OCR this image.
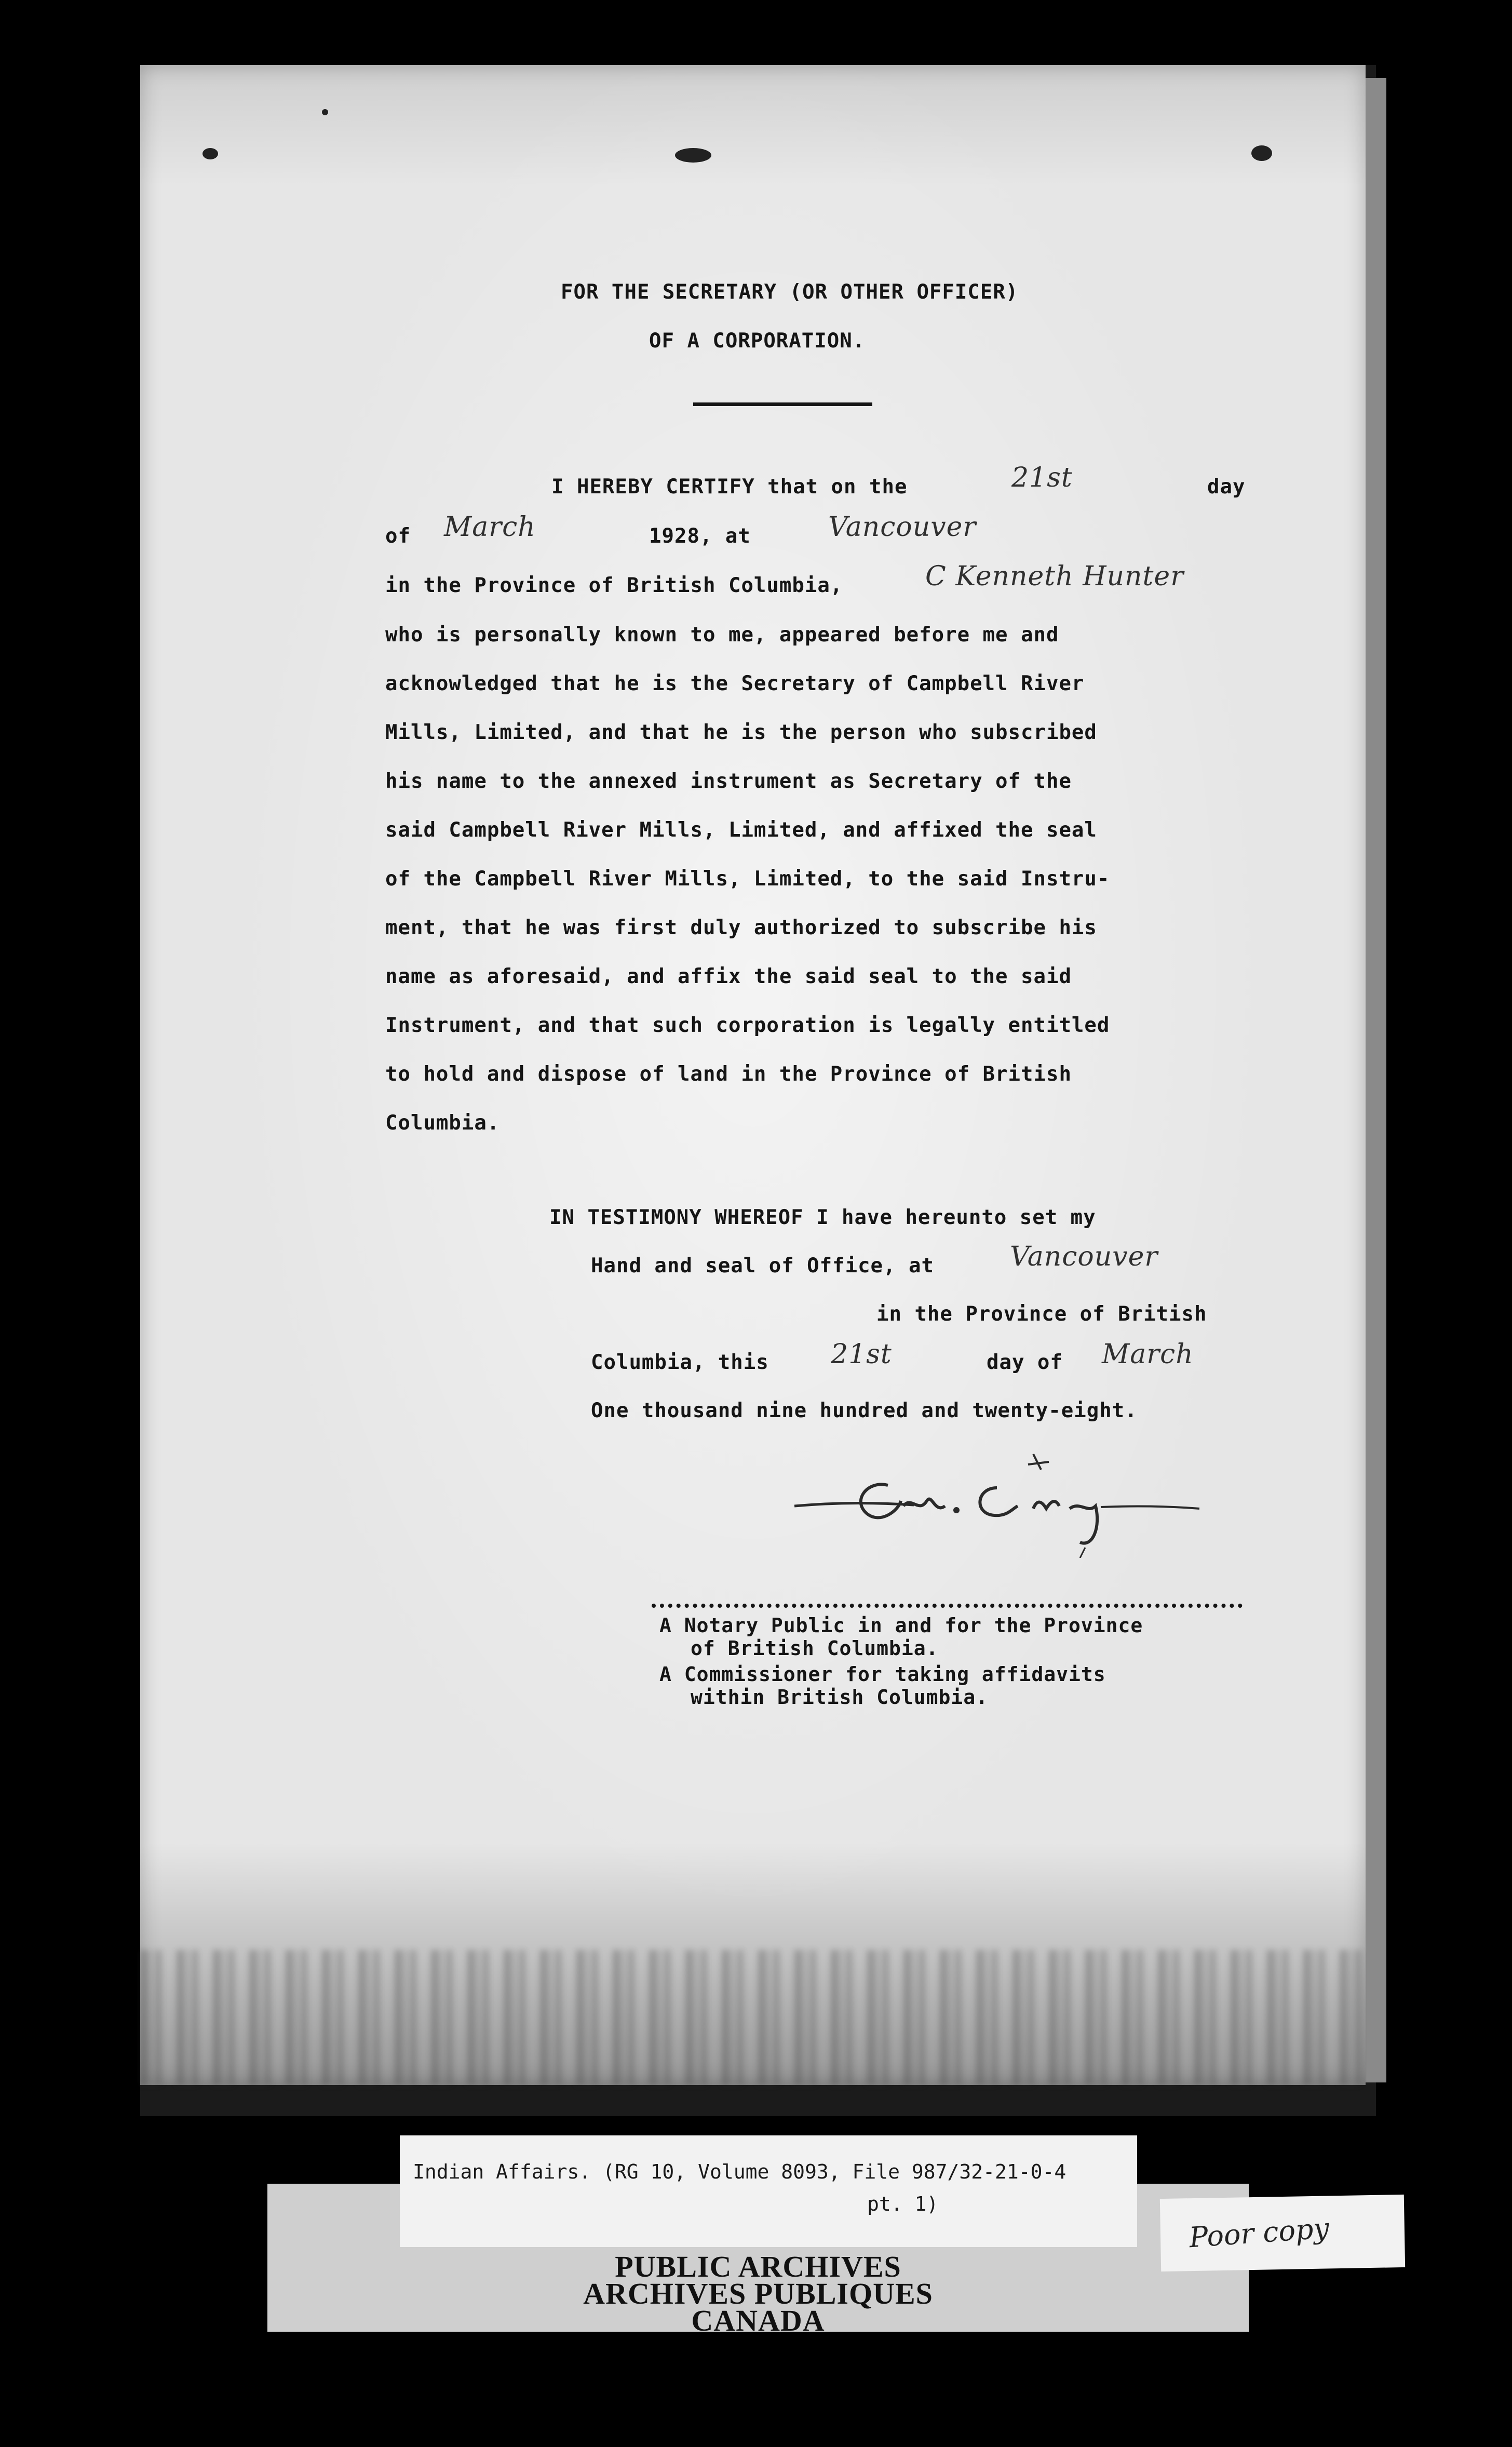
FOR THE SECRETARY (OR OTHER OFFICER)
OF A CORPORATION.
I HEREBY CERTIFY that on the	21st	day
of March	1928, at	Vancouver
in the Province of British Columbia,	C Kenneth Hunter
who is personally known to me, appeared before me and
acknowledged that he is the Secretary of Campbell River
Mills, Limited, and that he is the person who subscribed
his name to the annexed instrument as Secretary of the
said Campbell River Mills, Limited, and affixed the seal
of the Campbell River Mills, Limited, to the said Instru-
ment, that he was first duly authorized to subscribe his
name as aforesaid, and affix the said seal to the said
Instrument, and that such corporation is legally entitled
to hold and dispose of land in the Province of British
Columbia.
IN TESTIMONY WHEREOF I have hereunto set my
Hand and seal of Office, at	Vancouver
in the Province of British
Columbia, this 21st	day of March
One thousand nine hundred and twenty-eight.
A Notary Public in and for the Province
of British Columbia.
A Commissioner for taking affidavits
within British Columbia.
Indian Affairs. (RG 10, Volume 8093, File 987/32-21-0-4
pt. 1)
PUBLIC ARCHIVES
ARCHIVES PUBLIQUES
CANADA
Poor copy
